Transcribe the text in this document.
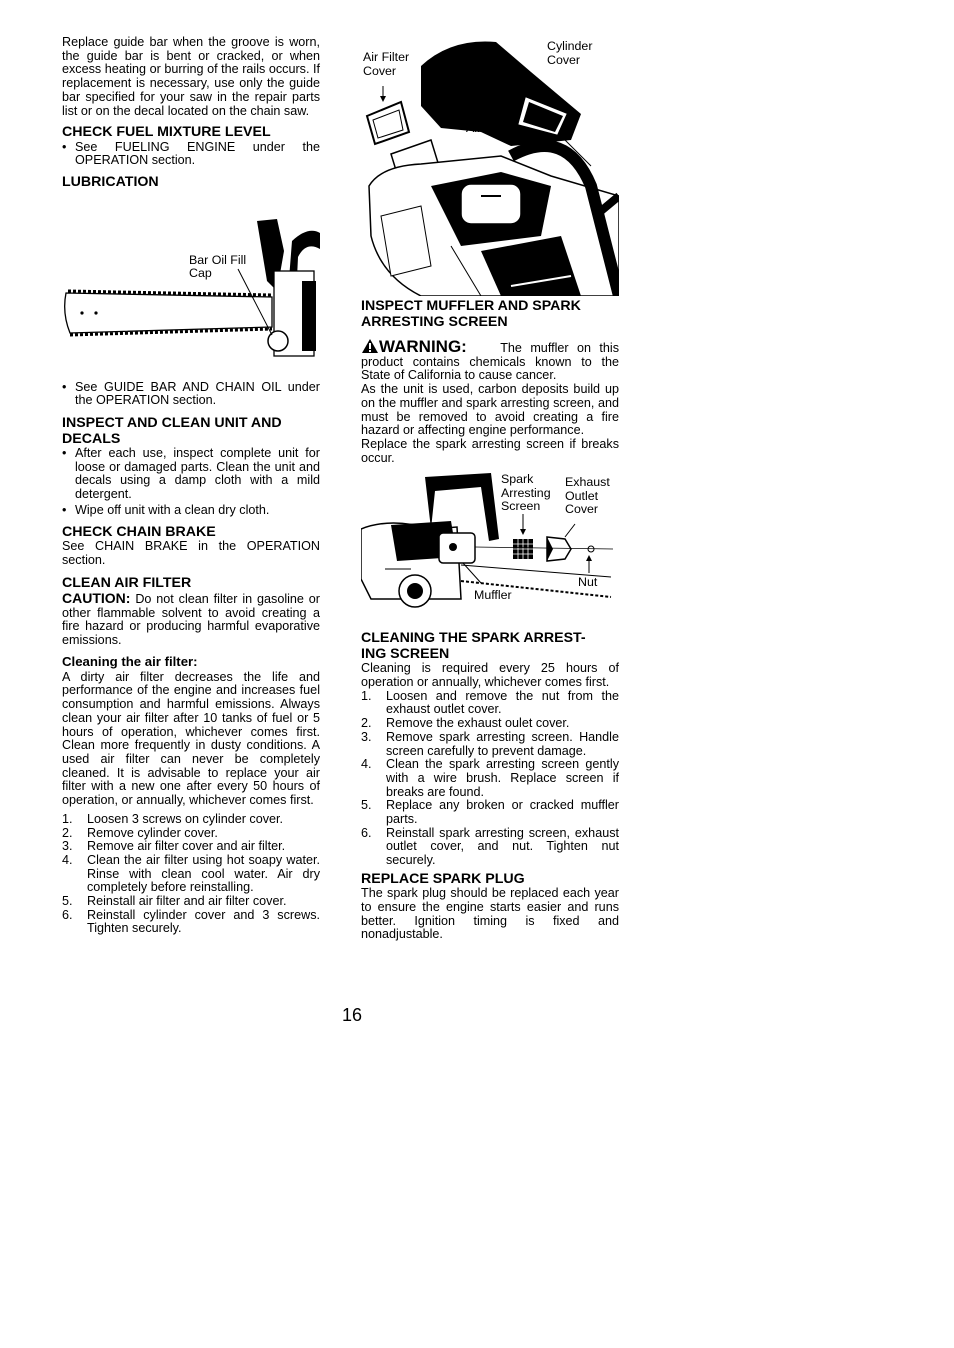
Replace guide bar when the groove is worn, the guide bar is bent or cracked, or when excess heating or burring of the rails occurs. If replacement is necessary, use only the guide bar specified for your saw in the repair parts list or on the decal located on the chain saw.

CHECK FUEL MIXTURE LEVEL

• See FUELING ENGINE under the OPERATION section.

LUBRICATION

Bar Oil Fill Cap
• See GUIDE BAR AND CHAIN OIL under the OPERATION section.

INSPECT AND CLEAN UNIT AND DECALS

• After each use, inspect complete unit for loose or damaged parts. Clean the unit and decals using a damp cloth with a mild detergent.
• Wipe off unit with a clean dry cloth.

CHECK CHAIN BRAKE

See CHAIN BRAKE in the OPERATION section.

CLEAN AIR FILTER

CAUTION: Do not clean filter in gasoline or other flammable solvent to avoid creating a fire hazard or producing harmful evaporative emissions.

Cleaning the air filter:

A dirty air filter decreases the life and performance of the engine and increases fuel consumption and harmful emissions. Always clean your air filter after 10 tanks of fuel or 5 hours of operation, whichever comes first. Clean more frequently in dusty conditions. A used air filter can never be completely cleaned. It is advisable to replace your air filter with a new one after every 50 hours of operation, or annually, whichever comes first.

1.	Loosen 3 screws on cylinder cover.
2.	Remove cylinder cover.
3.	Remove air filter cover and air filter.
4.	Clean the air filter using hot soapy water. Rinse with clean cool water. Air dry completely before reinstalling.
5.	Reinstall air filter and air filter cover.
6.	Reinstall cylinder cover and 3 screws. Tighten securely.
Air Filter Cover
Cylinder Cover

INSPECT MUFFLER AND SPARK ARRESTING SCREEN

WARNING:	The muffler on this product contains chemicals known to the State of California to cause cancer.

As the unit is used, carbon deposits build up on the muffler and spark arresting screen, and must be removed to avoid creating a fire hazard or affecting engine performance.

Replace the spark arresting screen if breaks occur.

Spark Arresting Screen
Exhaust Outlet Cover
Nut
Muffler

CLEANING THE SPARK ARREST-
ING SCREEN

Cleaning is required every 25 hours of operation or annually, whichever comes first.

1.	Loosen and remove the nut from the exhaust outlet cover.
2.	Remove the exhaust oulet cover.
3.	Remove spark arresting screen. Handle screen carefully to prevent damage.
4.	Clean the spark arresting screen gently with a wire brush. Replace screen if breaks are found.
5.	Replace any broken or cracked muffler parts.
6.	Reinstall spark arresting screen, exhaust outlet cover, and nut. Tighten nut securely.

REPLACE SPARK PLUG

The spark plug should be replaced each year to ensure the engine starts easier and runs better. Ignition timing is fixed and nonadjustable.

16
